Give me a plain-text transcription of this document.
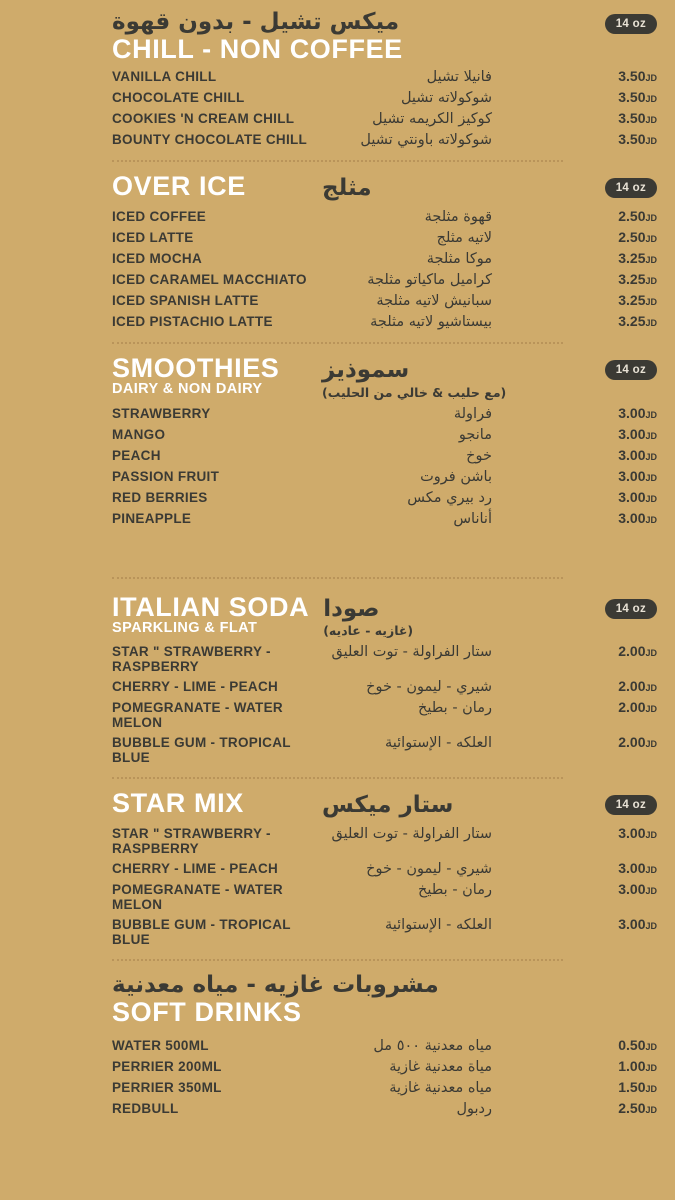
ميكس تشيل - بدون قهوة
CHILL - NON COFFEE
14 oz
VANILLA CHILL	فانيلا تشيل	3.50JD
CHOCOLATE CHILL	شوكولاته تشيل	3.50JD
COOKIES 'N CREAM CHILL	كوكيز الكريمه تشيل	3.50JD
BOUNTY CHOCOLATE CHILL	شوكولاته باونتي تشيل	3.50JD
OVER ICE	مثلج	14 oz
ICED COFFEE	قهوة مثلجة	2.50JD
ICED LATTE	لاتيه مثلج	2.50JD
ICED MOCHA	موكا مثلجة	3.25JD
ICED CARAMEL MACCHIATO	كراميل ماكياتو مثلجة	3.25JD
ICED SPANISH LATTE	سبانيش لاتيه مثلجة	3.25JD
ICED PISTACHIO LATTE	بيستاشيو لاتيه مثلجة	3.25JD
SMOOTHIES
DAIRY & NON DAIRY
سموذيز
(مع حليب & خالي من الحليب)
14 oz
STRAWBERRY	فراولة	3.00JD
MANGO	مانجو	3.00JD
PEACH	خوخ	3.00JD
PASSION FRUIT	باشن فروت	3.00JD
RED BERRIES	رد بيري مكس	3.00JD
PINEAPPLE	أناناس	3.00JD
ITALIAN SODA
SPARKLING & FLAT
صودا
(غازيه - عاديه)
14 oz
STAR " STRAWBERRY - RASPBERRY	ستار الفراولة - توت العليق	2.00JD
CHERRY - LIME - PEACH	شيري - ليمون - خوخ	2.00JD
POMEGRANATE - WATER MELON	رمان - بطيخ	2.00JD
BUBBLE GUM - TROPICAL BLUE	العلكه - الإستوائية	2.00JD
STAR MIX	ستار ميكس	14 oz
STAR " STRAWBERRY - RASPBERRY	ستار الفراولة - توت العليق	3.00JD
CHERRY - LIME - PEACH	شيري - ليمون - خوخ	3.00JD
POMEGRANATE - WATER MELON	رمان - بطيخ	3.00JD
BUBBLE GUM - TROPICAL BLUE	العلكه - الإستوائية	3.00JD
مشروبات غازيه - مياه معدنية
SOFT DRINKS
WATER 500ML	مياه معدنية ٥٠٠ مل	0.50JD
PERRIER 200ML	مياة معدنية غازية	1.00JD
PERRIER 350ML	مياه معدنية غازية	1.50JD
REDBULL	ردبول	2.50JD
